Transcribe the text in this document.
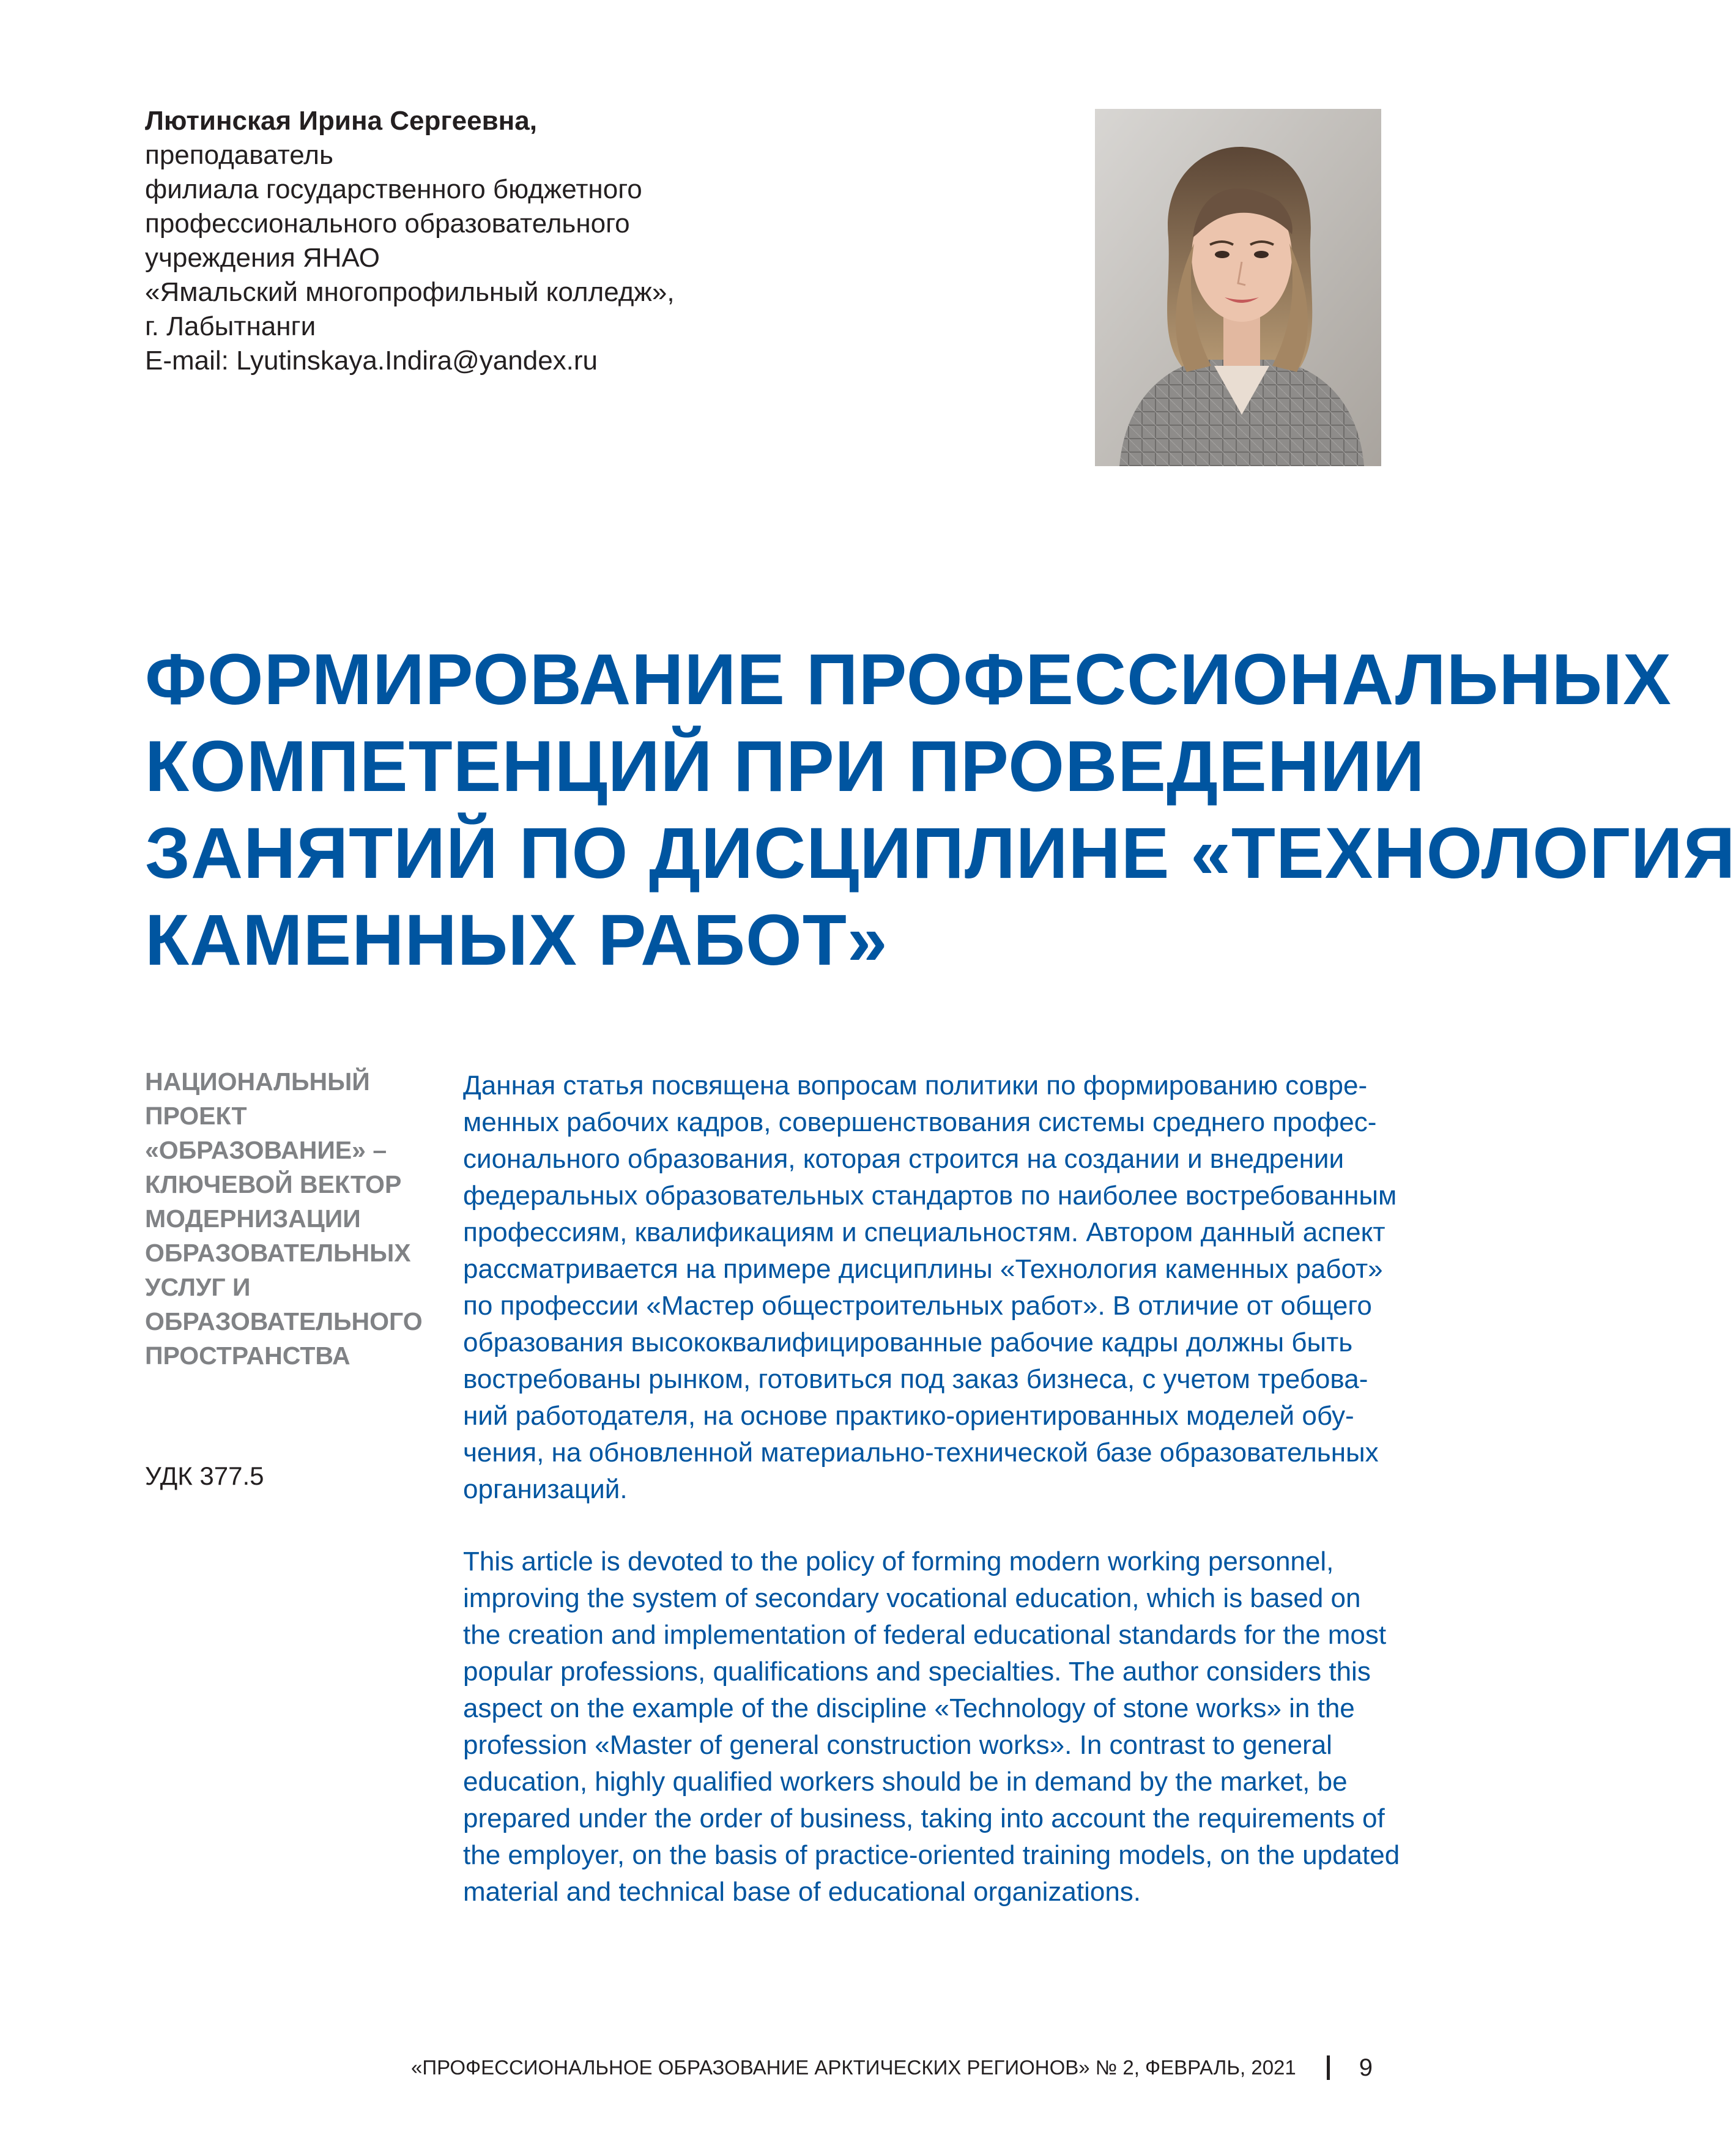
Лютинская Ирина Сергеевна,
преподаватель
филиала государственного бюджетного
профессионального образовательного
учреждения ЯНАО
«Ямальский многопрофильный колледж»,
г. Лабытнанги
E-mail: Lyutinskaya.Indira@yandex.ru
ФОРМИРОВАНИЕ ПРОФЕССИОНАЛЬНЫХ
КОМПЕТЕНЦИЙ ПРИ ПРОВЕДЕНИИ
ЗАНЯТИЙ ПО ДИСЦИПЛИНЕ «ТЕХНОЛОГИЯ
КАМЕННЫХ РАБОТ»
НАЦИОНАЛЬНЫЙ
ПРОЕКТ
«ОБРАЗОВАНИЕ» –
КЛЮЧЕВОЙ ВЕКТОР
МОДЕРНИЗАЦИИ
ОБРАЗОВАТЕЛЬНЫХ
УСЛУГ И
ОБРАЗОВАТЕЛЬНОГО
ПРОСТРАНСТВА
УДК 377.5
Данная статья посвящена вопросам политики по формированию совре-
менных рабочих кадров, совершенствования системы среднего профес-
сионального образования, которая строится на создании и внедрении
федеральных образовательных стандартов по наиболее востребованным
профессиям, квалификациям и специальностям. Автором данный аспект
рассматривается на примере дисциплины «Технология каменных работ»
по профессии «Мастер общестроительных работ». В отличие от общего
образования высококвалифицированные рабочие кадры должны быть
востребованы рынком, готовиться под заказ бизнеса, с учетом требова-
ний работодателя, на основе практико-ориентированных моделей обу-
чения, на обновленной материально-технической базе образовательных
организаций.
This article is devoted to the policy of forming modern working personnel,
improving the system of secondary vocational education, which is based on
the creation and implementation of federal educational standards for the most
popular professions, qualifications and specialties. The author considers this
aspect on the example of the discipline «Technology of stone works» in the
profession «Master of general construction works». In contrast to general
education, highly qualified workers should be in demand by the market, be
prepared under the order of business, taking into account the requirements of
the employer, on the basis of practice-oriented training models, on the updated
material and technical base of educational organizations.
«ПРОФЕССИОНАЛЬНОЕ ОБРАЗОВАНИЕ АРКТИЧЕСКИХ РЕГИОНОВ» № 2, ФЕВРАЛЬ, 2021	9
